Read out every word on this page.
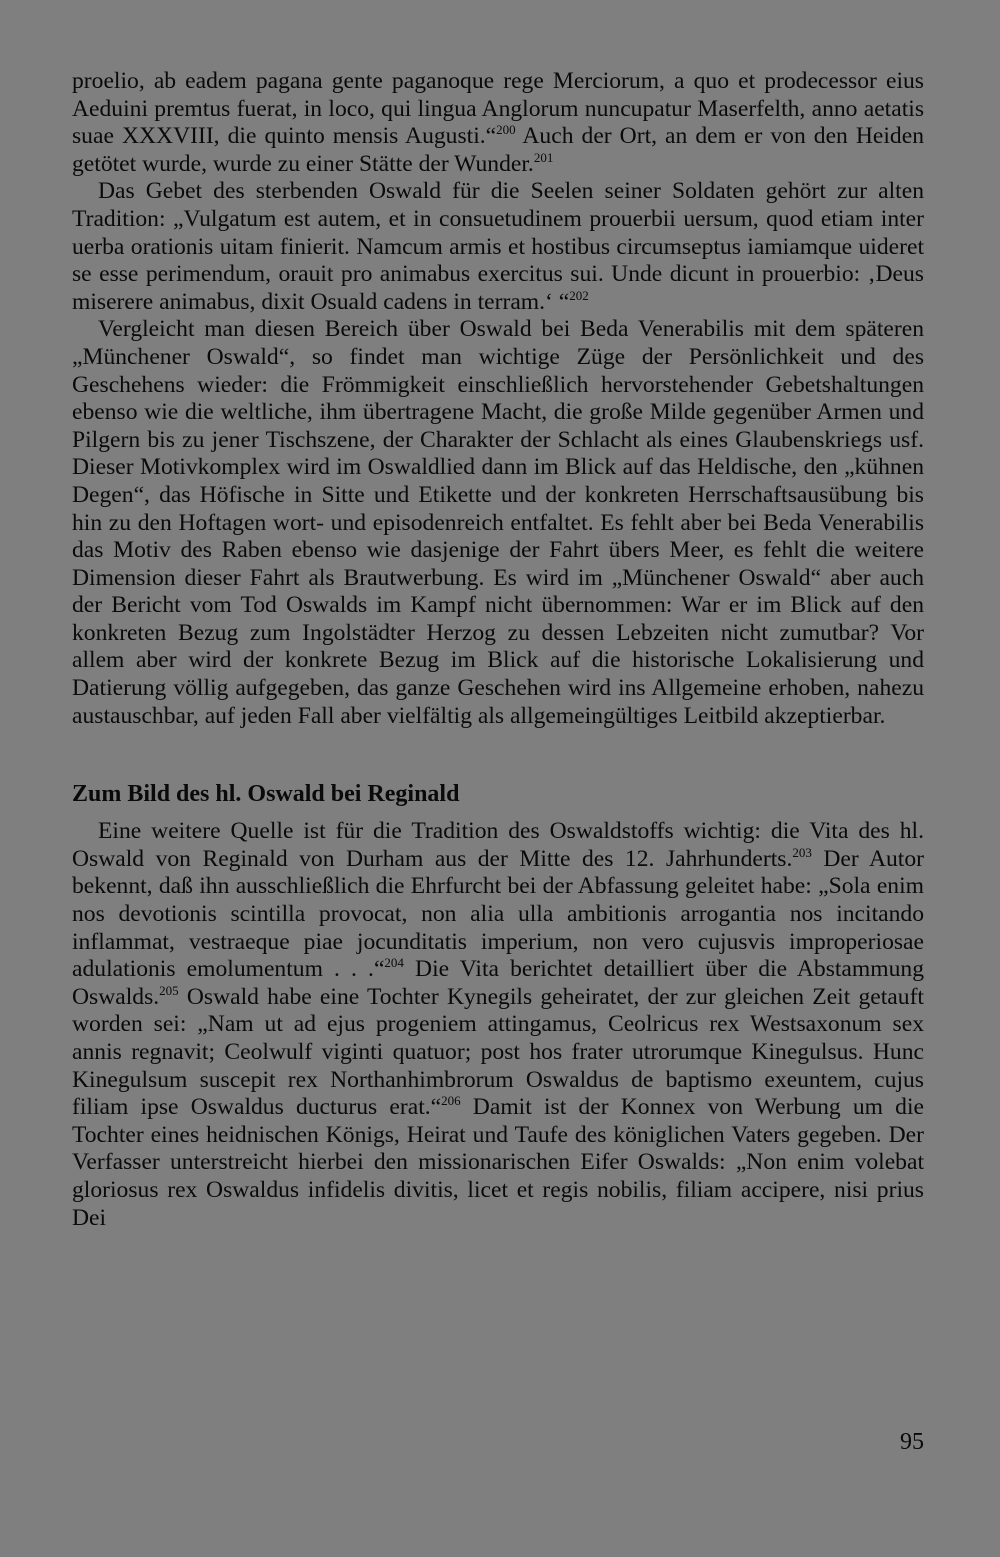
proelio, ab eadem pagana gente paganoque rege Merciorum, a quo et prodecessor eius Aeduini premtus fuerat, in loco, qui lingua Anglorum nuncupatur Maserfelth, anno aetatis suae XXXVIII, die quinto mensis Augusti.“$^{200}$ Auch der Ort, an dem er von den Heiden getötet wurde, wurde zu einer Stätte der Wunder.$^{201}$

Das Gebet des sterbenden Oswald für die Seelen seiner Soldaten gehört zur alten Tradition: „Vulgatum est autem, et in consuetudinem prouerbii uersum, quod etiam inter uerba orationis uitam finierit. Namcum armis et hostibus circumseptus iamiamque uideret se esse perimendum, orauit pro animabus exercitus sui. Unde dicunt in prouerbio: ‚Deus miserere animabus, dixit Osuald cadens in terram.‘ “$^{202}$

Vergleicht man diesen Bereich über Oswald bei Beda Venerabilis mit dem späteren „Münchener Oswald“, so findet man wichtige Züge der Persönlichkeit und des Geschehens wieder: die Frömmigkeit einschließlich hervorstehender Gebetshaltungen ebenso wie die weltliche, ihm übertragene Macht, die große Milde gegenüber Armen und Pilgern bis zu jener Tischszene, der Charakter der Schlacht als eines Glaubenskriegs usf. Dieser Motivkomplex wird im Oswaldlied dann im Blick auf das Heldische, den „kühnen Degen“, das Höfische in Sitte und Etikette und der konkreten Herrschaftsausübung bis hin zu den Hoftagen wort- und episodenreich entfaltet. Es fehlt aber bei Beda Venerabilis das Motiv des Raben ebenso wie dasjenige der Fahrt übers Meer, es fehlt die weitere Dimension dieser Fahrt als Brautwerbung. Es wird im „Münchener Oswald“ aber auch der Bericht vom Tod Oswalds im Kampf nicht übernommen: War er im Blick auf den konkreten Bezug zum Ingolstädter Herzog zu dessen Lebzeiten nicht zumutbar? Vor allem aber wird der konkrete Bezug im Blick auf die historische Lokalisierung und Datierung völlig aufgegeben, das ganze Geschehen wird ins Allgemeine erhoben, nahezu austauschbar, auf jeden Fall aber vielfältig als allgemeingültiges Leitbild akzeptierbar.

Zum Bild des hl. Oswald bei Reginald

Eine weitere Quelle ist für die Tradition des Oswaldstoffs wichtig: die Vita des hl. Oswald von Reginald von Durham aus der Mitte des 12. Jahrhunderts.$^{203}$ Der Autor bekennt, daß ihn ausschließlich die Ehrfurcht bei der Abfassung geleitet habe: „Sola enim nos devotionis scintilla provocat, non alia ulla ambitionis arrogantia nos incitando inflammat, vestraeque piae jocunditatis imperium, non vero cujusvis improperiosae adulationis emolumentum . . .“$^{204}$ Die Vita berichtet detailliert über die Abstammung Oswalds.$^{205}$ Oswald habe eine Tochter Kynegils geheiratet, der zur gleichen Zeit getauft worden sei: „Nam ut ad ejus progeniem attingamus, Ceolricus rex Westsaxonum sex annis regnavit; Ceolwulf viginti quatuor; post hos frater utrorumque Kinegulsus. Hunc Kinegulsum suscepit rex Northanhimbrorum Oswaldus de baptismo exeuntem, cujus filiam ipse Oswaldus ducturus erat.“$^{206}$ Damit ist der Konnex von Werbung um die Tochter eines heidnischen Königs, Heirat und Taufe des königlichen Vaters gegeben. Der Verfasser unterstreicht hierbei den missionarischen Eifer Oswalds: „Non enim volebat gloriosus rex Oswaldus infidelis divitis, licet et regis nobilis, filiam accipere, nisi prius Dei

95
